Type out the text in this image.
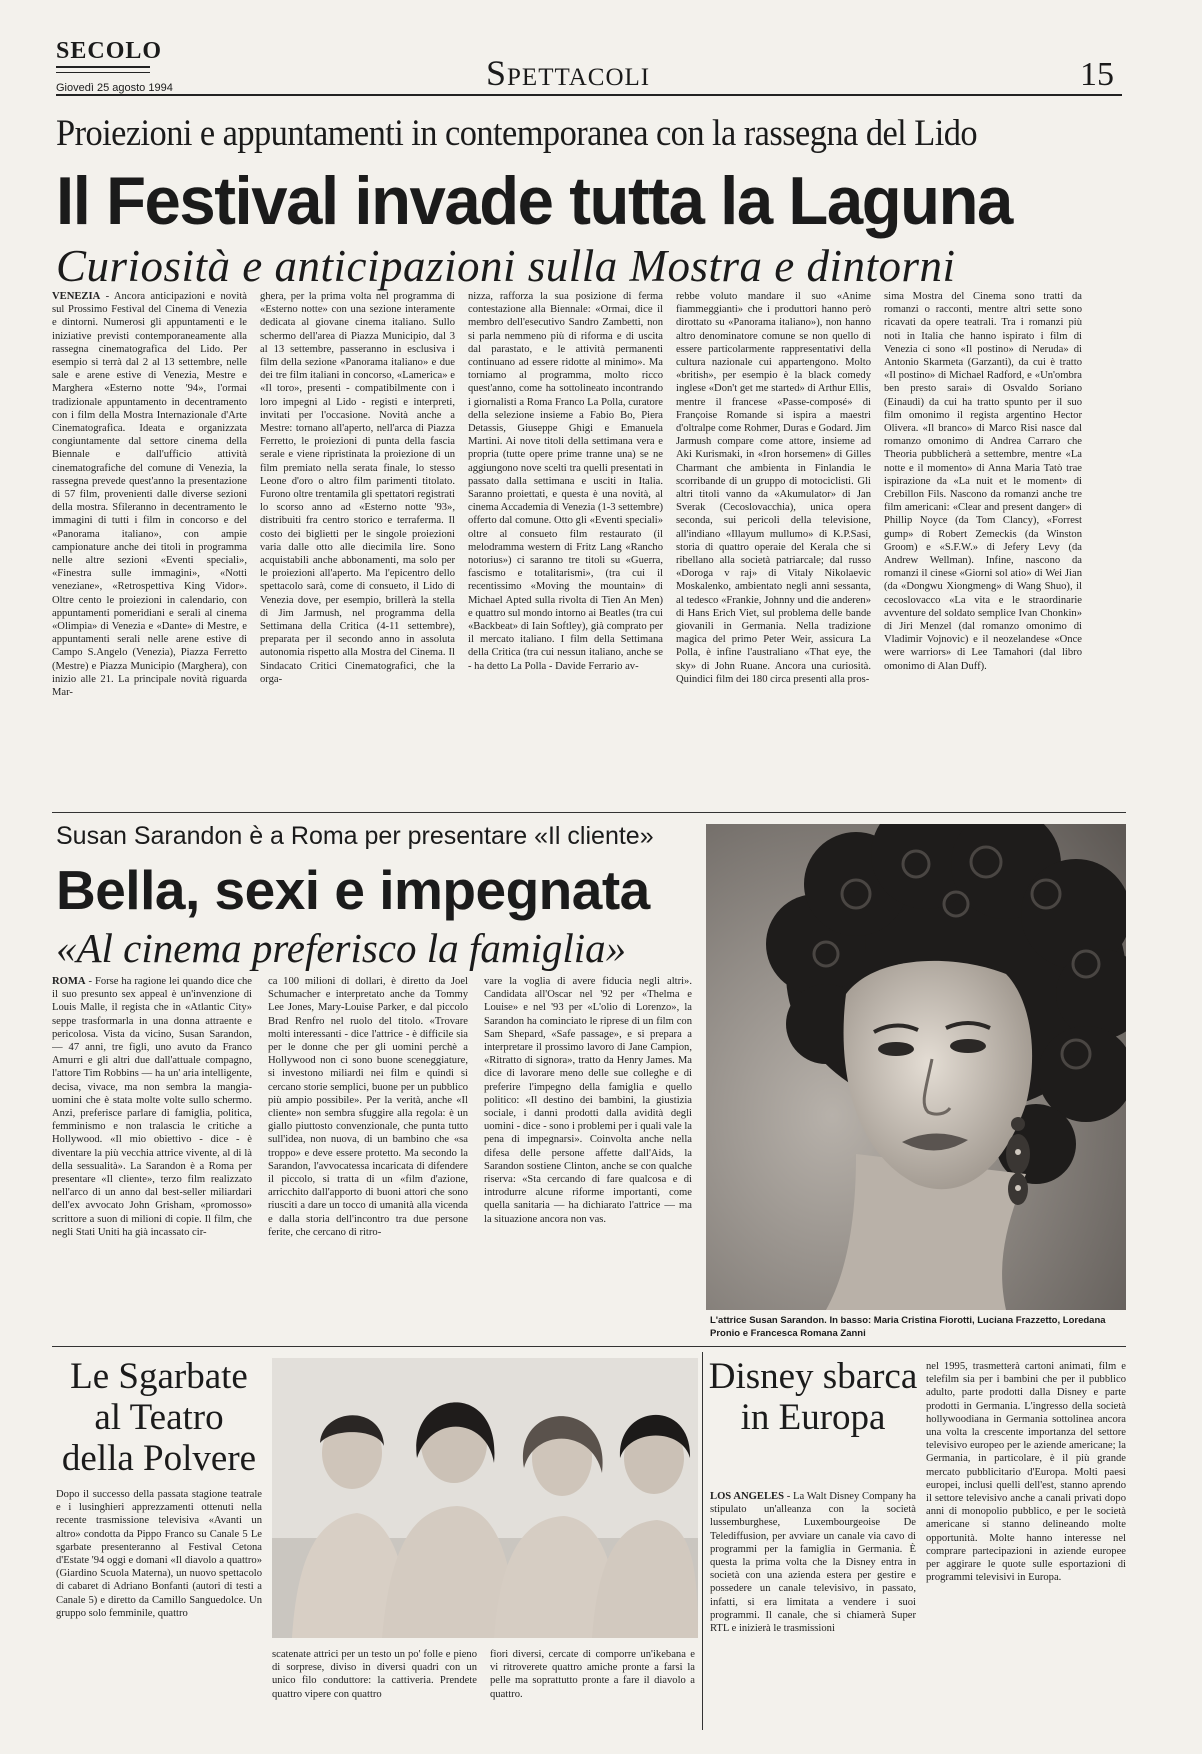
SECOLO
Giovedì 25 agosto 1994	Spettacoli	15
Proiezioni e appuntamenti in contemporanea con la rassegna del Lido
Il Festival invade tutta la Laguna
Curiosità e anticipazioni sulla Mostra e dintorni

VENEZIA - Ancora anticipazioni e novità sul Prossimo Festival del Cinema di Venezia e dintorni. Numerosi gli appuntamenti e le iniziative previsti contemporaneamente alla rassegna cinematografica del Lido. Per esempio si terrà dal 2 al 13 settembre, nelle sale e arene estive di Venezia, Mestre e Marghera «Esterno notte '94», l'ormai tradizionale appuntamento in decentramento con i film della Mostra Internazionale d'Arte Cinematografica. Ideata e organizzata congiuntamente dal settore cinema della Biennale e dall'ufficio attività cinematografiche del comune di Venezia, la rassegna prevede quest'anno la presentazione di 57 film, provenienti dalle diverse sezioni della mostra. Sfileranno in decentramento le immagini di tutti i film in concorso e del «Panorama italiano», con ampie campionature anche dei titoli in programma nelle altre sezioni «Eventi speciali», «Finestra sulle immagini», «Notti veneziane», «Retrospettiva King Vidor». Oltre cento le proiezioni in calendario, con appuntamenti pomeridiani e serali al cinema «Olimpia» di Venezia e «Dante» di Mestre, e appuntamenti serali nelle arene estive di Campo S.Angelo (Venezia), Piazza Ferretto (Mestre) e Piazza Municipio (Marghera), con inizio alle 21. La principale novità riguarda Mar-

ghera, per la prima volta nel programma di «Esterno notte» con una sezione interamente dedicata al giovane cinema italiano. Sullo schermo dell'area di Piazza Municipio, dal 3 al 13 settembre, passeranno in esclusiva i film della sezione «Panorama italiano» e due dei tre film italiani in concorso, «Lamerica» e «Il toro», presenti - compatibilmente con i loro impegni al Lido - registi e interpreti, invitati per l'occasione. Novità anche a Mestre: tornano all'aperto, nell'arca di Piazza Ferretto, le proiezioni di punta della fascia serale e viene ripristinata la proiezione di un film premiato nella serata finale, lo stesso Leone d'oro o altro film parimenti titolato. Furono oltre trentamila gli spettatori registrati lo scorso anno ad «Esterno notte '93», distribuiti fra centro storico e terraferma. Il costo dei biglietti per le singole proiezioni varia dalle otto alle diecimila lire. Sono acquistabili anche abbonamenti, ma solo per le proiezioni all'aperto. Ma l'epicentro dello spettacolo sarà, come di consueto, il Lido di Venezia dove, per esempio, brillerà la stella di Jim Jarmush, nel programma della Settimana della Critica (4-11 settembre), preparata per il secondo anno in assoluta autonomia rispetto alla Mostra del Cinema. Il Sindacato Critici Cinematografici, che la orga-

nizza, rafforza la sua posizione di ferma contestazione alla Biennale: «Ormai, dice il membro dell'esecutivo Sandro Zambetti, non si parla nemmeno più di riforma e di uscita dal parastato, e le attività permanenti continuano ad essere ridotte al minimo». Ma torniamo al programma, molto ricco quest'anno, come ha sottolineato incontrando i giornalisti a Roma Franco La Polla, curatore della selezione insieme a Fabio Bo, Piera Detassis, Giuseppe Ghigi e Emanuela Martini. Ai nove titoli della settimana vera e propria (tutte opere prime tranne una) se ne aggiungono nove scelti tra quelli presentati in passato dalla settimana e usciti in Italia. Saranno proiettati, e questa è una novità, al cinema Accademia di Venezia (1-3 settembre) offerto dal comune. Otto gli «Eventi speciali» oltre al consueto film restaurato (il melodramma western di Fritz Lang «Rancho notorius») ci saranno tre titoli su «Guerra, fascismo e totalitarismi», (tra cui il recentissimo «Moving the mountain» di Michael Apted sulla rivolta di Tien An Men) e quattro sul mondo intorno ai Beatles (tra cui «Backbeat» di Iain Softley), già comprato per il mercato italiano. I film della Settimana della Critica (tra cui nessun italiano, anche se - ha detto La Polla - Davide Ferrario av-

rebbe voluto mandare il suo «Anime fiammeggianti» che i produttori hanno però dirottato su «Panorama italiano»), non hanno altro denominatore comune se non quello di essere particolarmente rappresentativi della cultura nazionale cui appartengono. Molto «british», per esempio è la black comedy inglese «Don't get me started» di Arthur Ellis, mentre il francese «Passe-composé» di Françoise Romande si ispira a maestri d'oltralpe come Rohmer, Duras e Godard. Jim Jarmush compare come attore, insieme ad Aki Kurismaki, in «Iron horsemen» di Gilles Charmant che ambienta in Finlandia le scorribande di un gruppo di motociclisti. Gli altri titoli vanno da «Akumulator» di Jan Sverak (Cecoslovacchia), unica opera seconda, sui pericoli della televisione, all'indiano «Illayum mullumo» di K.P.Sasi, storia di quattro operaie del Kerala che si ribellano alla società patriarcale; dal russo «Doroga v raj» di Vitaly Nikolaevic Moskalenko, ambientato negli anni sessanta, al tedesco «Frankie, Johnny und die anderen» di Hans Erich Viet, sul problema delle bande giovanili in Germania. Nella tradizione magica del primo Peter Weir, assicura La Polla, è infine l'australiano «That eye, the sky» di John Ruane. Ancora una curiosità. Quindici film dei 180 circa presenti alla pros-

sima Mostra del Cinema sono tratti da romanzi o racconti, mentre altri sette sono ricavati da opere teatrali. Tra i romanzi più noti in Italia che hanno ispirato i film di Venezia ci sono «Il postino» di Neruda» di Antonio Skarmeta (Garzanti), da cui è tratto «Il postino» di Michael Radford, e «Un'ombra ben presto sarai» di Osvaldo Soriano (Einaudi) da cui ha tratto spunto per il suo film omonimo il regista argentino Hector Olivera. «Il branco» di Marco Risi nasce dal romanzo omonimo di Andrea Carraro che Theoria pubblicherà a settembre, mentre «La notte e il momento» di Anna Maria Tatò trae ispirazione da «La nuit et le moment» di Crebillon Fils. Nascono da romanzi anche tre film americani: «Clear and present danger» di Phillip Noyce (da Tom Clancy), «Forrest gump» di Robert Zemeckis (da Winston Groom) e «S.F.W.» di Jefery Levy (da Andrew Wellman). Infine, nascono da romanzi il cinese «Giorni sol atio» di Wei Jian (da «Dongwu Xiongmeng» di Wang Shuo), il cecoslovacco «La vita e le straordinarie avventure del soldato semplice Ivan Chonkin» di Jiri Menzel (dal romanzo omonimo di Vladimir Vojnovic) e il neozelandese «Once were warriors» di Lee Tamahori (dal libro omonimo di Alan Duff).

Susan Sarandon è a Roma per presentare «Il cliente»
Bella, sexi e impegnata
«Al cinema preferisco la famiglia»

ROMA - Forse ha ragione lei quando dice che il suo presunto sex appeal è un'invenzione di Louis Malle, il regista che in «Atlantic City» seppe trasformarla in una donna attraente e pericolosa. Vista da vicino, Susan Sarandon, — 47 anni, tre figli, uno avuto da Franco Amurri e gli altri due dall'attuale compagno, l'attore Tim Robbins — ha un' aria intelligente, decisa, vivace, ma non sembra la mangia- uomini che è stata molte volte sullo schermo. Anzi, preferisce parlare di famiglia, politica, femminismo e non tralascia le critiche a Hollywood. «Il mio obiettivo - dice - è diventare la più vecchia attrice vivente, al di là della sessualità». La Sarandon è a Roma per presentare «Il cliente», terzo film realizzato nell'arco di un anno dal best-seller miliardari dell'ex avvocato John Grisham, «promosso» scrittore a suon di milioni di copie. Il film, che negli Stati Uniti ha già incassato cir-

ca 100 milioni di dollari, è diretto da Joel Schumacher e interpretato anche da Tommy Lee Jones, Mary-Louise Parker, e dal piccolo Brad Renfro nel ruolo del titolo. «Trovare molti interessanti - dice l'attrice - è difficile sia per le donne che per gli uomini perchè a Hollywood non ci sono buone sceneggiature, si investono miliardi nei film e quindi si cercano storie semplici, buone per un pubblico più ampio possibile». Per la verità, anche «Il cliente» non sembra sfuggire alla regola: è un giallo piuttosto convenzionale, che punta tutto sull'idea, non nuova, di un bambino che «sa troppo» e deve essere protetto. Ma secondo la Sarandon, l'avvocatessa incaricata di difendere il piccolo, si tratta di un «film d'azione, arricchito dall'apporto di buoni attori che sono riusciti a dare un tocco di umanità alla vicenda e dalla storia dell'incontro tra due persone ferite, che cercano di ritro-

vare la voglia di avere fiducia negli altri». Candidata all'Oscar nel '92 per «Thelma e Louise» e nel '93 per «L'olio di Lorenzo», la Sarandon ha cominciato le riprese di un film con Sam Shepard, «Safe passage», e si prepara a interpretare il prossimo lavoro di Jane Campion, «Ritratto di signora», tratto da Henry James. Ma dice di lavorare meno delle sue colleghe e di preferire l'impegno della famiglia e quello politico: «Il destino dei bambini, la giustizia sociale, i danni prodotti dalla avidità degli uomini - dice - sono i problemi per i quali vale la pena di impegnarsi». Coinvolta anche nella difesa delle persone affette dall'Aids, la Sarandon sostiene Clinton, anche se con qualche riserva: «Sta cercando di fare qualcosa e di introdurre alcune riforme importanti, come quella sanitaria — ha dichiarato l'attrice — ma la situazione ancora non vas.

L'attrice Susan Sarandon. In basso: Maria Cristina Fiorotti, Luciana Frazzetto, Loredana Pronio e Francesca Romana Zanni
Le Sgarbate al Teatro della Polvere

Dopo il successo della passata stagione teatrale e i lusinghieri apprezzamenti ottenuti nella recente trasmissione televisiva «Avanti un altro» condotta da Pippo Franco su Canale 5 Le sgarbate presenteranno al Festival Cetona d'Estate '94 oggi e domani «Il diavolo a quattro» (Giardino Scuola Materna), un nuovo spettacolo di cabaret di Adriano Bonfanti (autori di testi a Canale 5) e diretto da Camillo Sanguedolce. Un gruppo solo femminile, quattro

scatenate attrici per un testo un po' folle e pieno di sorprese, diviso in diversi quadri con un unico filo conduttore: la cattiveria. Prendete quattro vipere con quattro

fiori diversi, cercate di comporre un'ikebana e vi ritroverete quattro amiche pronte a farsi la pelle ma soprattutto pronte a fare il diavolo a quattro.

Disney sbarca in Europa

LOS ANGELES - La Walt Disney Company ha stipulato un'alleanza con la società lussemburghese, Luxembourgeoise De Telediffusion, per avviare un canale via cavo di programmi per la famiglia in Germania. È questa la prima volta che la Disney entra in società con una azienda estera per gestire e possedere un canale televisivo, in passato, infatti, si era limitata a vendere i suoi programmi. Il canale, che si chiamerà Super RTL e inizierà le trasmissioni

nel 1995, trasmetterà cartoni animati, film e telefilm sia per i bambini che per il pubblico adulto, parte prodotti dalla Disney e parte prodotti in Germania. L'ingresso della società hollywoodiana in Germania sottolinea ancora una volta la crescente importanza del settore televisivo europeo per le aziende americane; la Germania, in particolare, è il più grande mercato pubblicitario d'Europa. Molti paesi europei, inclusi quelli dell'est, stanno aprendo il settore televisivo anche a canali privati dopo anni di monopolio pubblico, e per le società americane si stanno delineando molte opportunità. Molte hanno interesse nel comprare partecipazioni in aziende europee per aggirare le quote sulle esportazioni di programmi televisivi in Europa.
